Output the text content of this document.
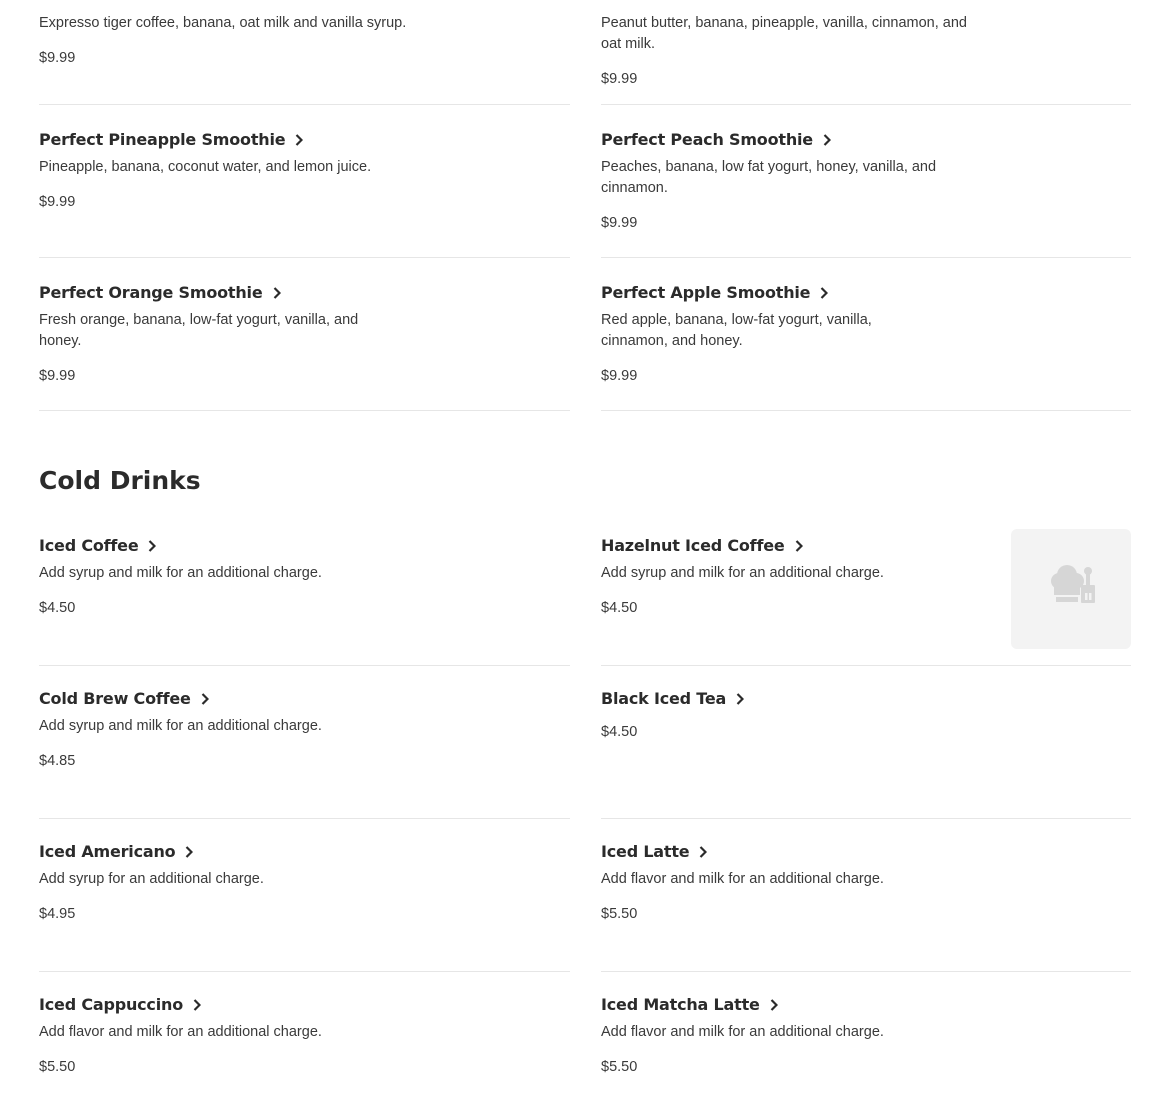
Expresso tiger coffee, banana, oat milk and vanilla syrup.
$9.99
Peanut butter, banana, pineapple, vanilla, cinnamon, and oat milk.
$9.99
Perfect Pineapple Smoothie
Pineapple, banana, coconut water, and lemon juice.
$9.99
Perfect Peach Smoothie
Peaches, banana, low fat yogurt, honey, vanilla, and cinnamon.
$9.99
Perfect Orange Smoothie
Fresh orange, banana, low-fat yogurt, vanilla, and honey.
$9.99
Perfect Apple Smoothie
Red apple, banana, low-fat yogurt, vanilla, cinnamon, and honey.
$9.99
Cold Drinks
Iced Coffee
Add syrup and milk for an additional charge.
$4.50
Hazelnut Iced Coffee
Add syrup and milk for an additional charge.
$4.50
Cold Brew Coffee
Add syrup and milk for an additional charge.
$4.85
Black Iced Tea
$4.50
Iced Americano
Add syrup for an additional charge.
$4.95
Iced Latte
Add flavor and milk for an additional charge.
$5.50
Iced Cappuccino
Add flavor and milk for an additional charge.
$5.50
Iced Matcha Latte
Add flavor and milk for an additional charge.
$5.50
